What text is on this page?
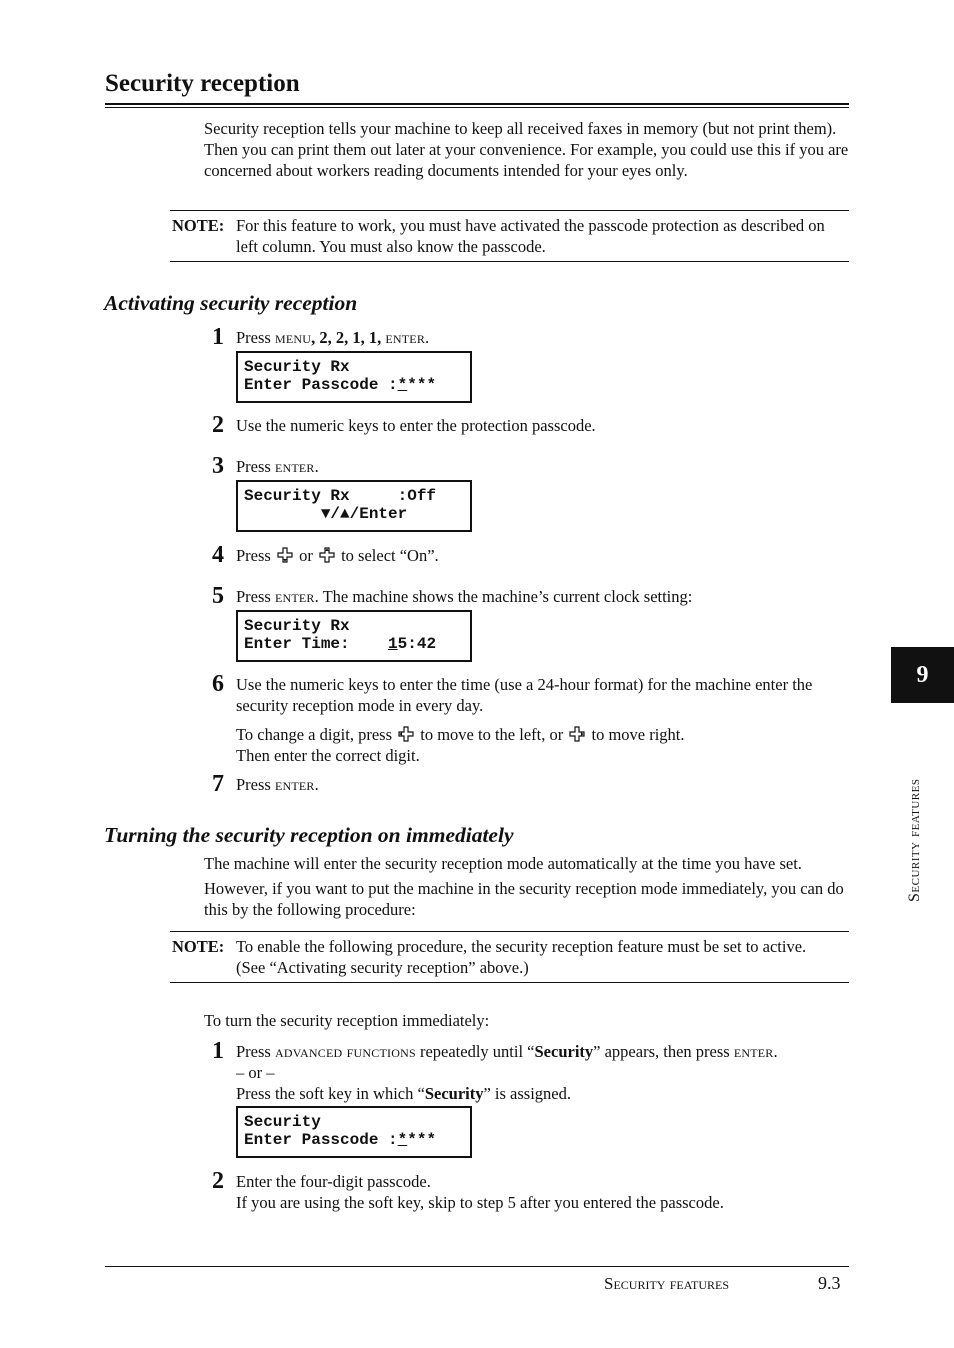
Security reception
Security reception tells your machine to keep all received faxes in memory (but not print them). Then you can print them out later at your convenience. For example, you could use this if you are concerned about workers reading documents intended for your eyes only.
NOTE: For this feature to work, you must have activated the passcode protection as described on left column. You must also know the passcode.
Activating security reception
1 Press menu, 2, 2, 1, 1, enter.
Security Rx
Enter Passcode :****
2 Use the numeric keys to enter the protection passcode.
3 Press enter.
Security Rx     :Off
▼/▲/Enter
4 Press  or  to select “On”.
5 Press enter. The machine shows the machine’s current clock setting:
Security Rx
Enter Time:    15:42
6 Use the numeric keys to enter the time (use a 24-hour format) for the machine enter the security reception mode in every day.
To change a digit, press  to move to the left, or  to move right.
Then enter the correct digit.
7 Press enter.
Turning the security reception on immediately
The machine will enter the security reception mode automatically at the time you have set.
However, if you want to put the machine in the security reception mode immediately, you can do this by the following procedure:
NOTE: To enable the following procedure, the security reception feature must be set to active. (See “Activating security reception” above.)
To turn the security reception immediately:
1 Press advanced functions repeatedly until “Security” appears, then press enter.
– or –
Press the soft key in which “Security” is assigned.
Security
Enter Passcode :****
2 Enter the four-digit passcode.
If you are using the soft key, skip to step 5 after you entered the passcode.
9
Security features
Security features	9.3
